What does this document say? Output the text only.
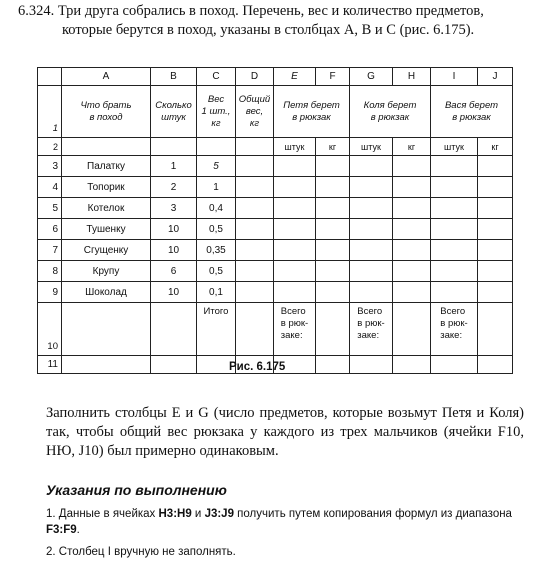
6.324. Три друга собрались в поход. Перечень, вес и количество предметов,
которые берутся в поход, указаны в столбцах А, В и С (рис. 6.175).
	A	B	C	D	E	F	G	H	I	J
1	Что брать
в поход	Сколько
штук	Вес
1 шт.,
кг	Общий
вес,
кг	Петя берет
в рюкзак		Коля берет
в рюкзак		Вася берет
в рюкзак	
2					штук	кг	штук	кг	штук	кг
3	Палатку	1	5							
4	Топорик	2	1							
5	Котелок	3	0,4							
6	Тушенку	10	0,5							
7	Сгущенку	10	0,35							
8	Крупу	6	0,5							
9	Шоколад	10	0,1							
10			Итого		Всего
в рюк-
заке:		Всего
в рюк-
заке:		Всего
в рюк-
заке:	
11											Рис. 6.175
Заполнить столбцы Е и G (число предметов, которые возьмут Петя и Коля) так, чтобы общий вес рюкзака у каждого из трех мальчиков (ячейки F10, НЮ, J10) был примерно одинаковым.
Указания по выполнению
1. Данные в ячейках H3:H9 и J3:J9 получить путем копирования формул из диапазона F3:F9.
2. Столбец I вручную не заполнять.
